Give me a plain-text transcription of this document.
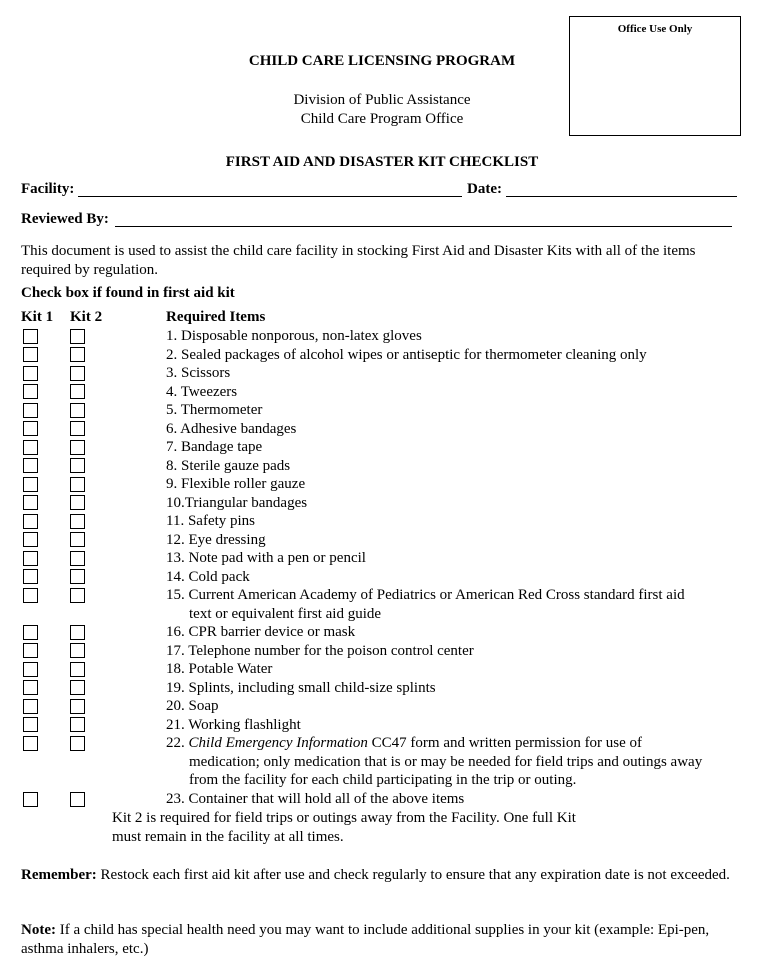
Office Use Only
CHILD CARE LICENSING PROGRAM
Division of Public Assistance
Child Care Program Office
FIRST AID AND DISASTER KIT CHECKLIST
Facility:	Date:
Reviewed By:
This document is used to assist the child care facility in stocking First Aid and Disaster Kits with all of the items required by regulation.
Check box if found in first aid kit
Kit 1 Kit 2	Required Items
1. Disposable nonporous, non-latex gloves
2. Sealed packages of alcohol wipes or antiseptic for thermometer cleaning only
3. Scissors
4. Tweezers
5. Thermometer
6. Adhesive bandages
7. Bandage tape
8. Sterile gauze pads
9. Flexible roller gauze
10.Triangular bandages
11. Safety pins
12. Eye dressing
13. Note pad with a pen or pencil
14. Cold pack
15. Current American Academy of Pediatrics or American Red Cross standard first aid
text or equivalent first aid guide
16. CPR barrier device or mask
17. Telephone number for the poison control center
18. Potable Water
19. Splints, including small child-size splints
20. Soap
21. Working flashlight
22. Child Emergency Information CC47 form and written permission for use of
medication; only medication that is or may be needed for field trips and outings away
from the facility for each child participating in the trip or outing.
23. Container that will hold all of the above items
Kit 2 is required for field trips or outings away from the Facility. One full Kit
must remain in the facility at all times.
Remember: Restock each first aid kit after use and check regularly to ensure that any expiration date is not exceeded.
Note: If a child has special health need you may want to include additional supplies in your kit (example: Epi-pen, asthma inhalers, etc.)
